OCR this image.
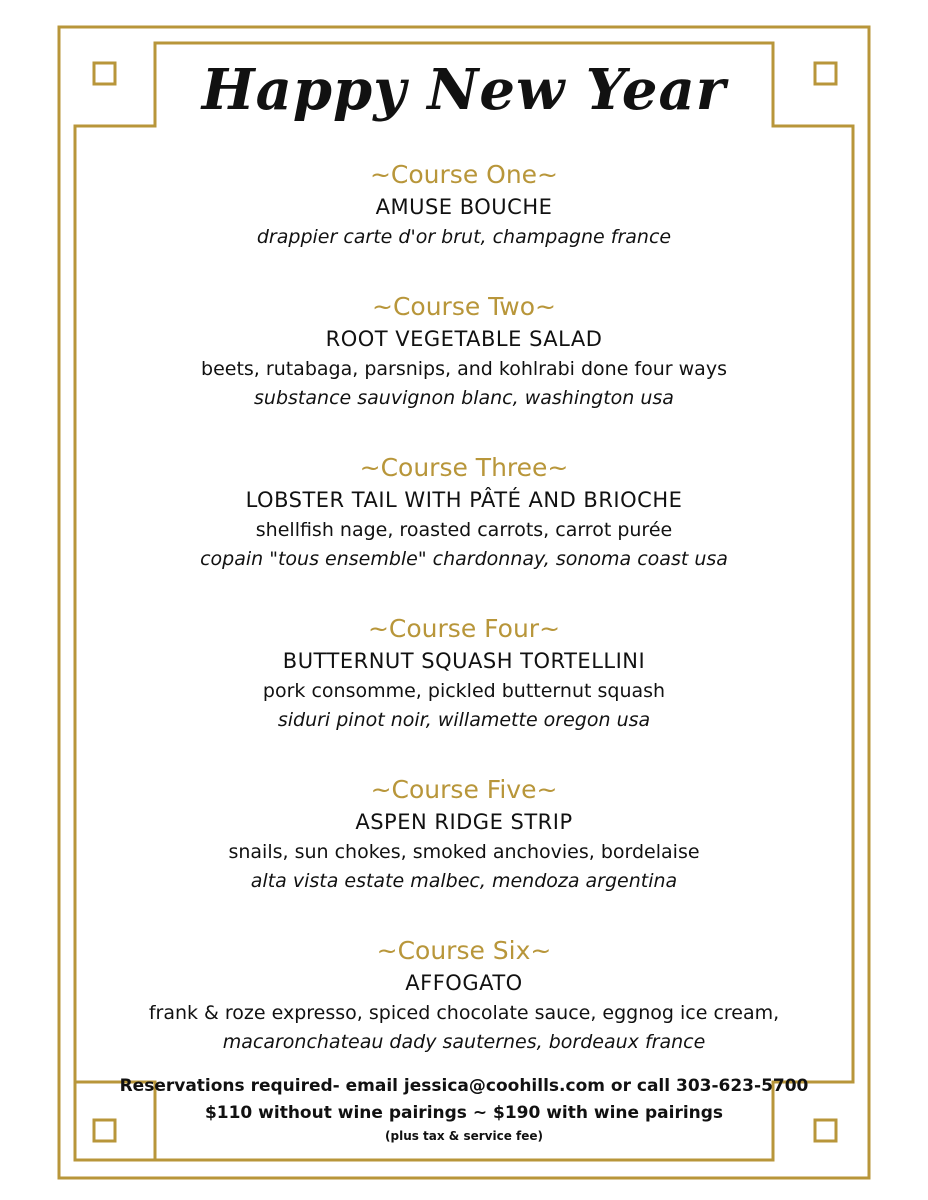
Happy New Year
~Course One~
AMUSE BOUCHE
drappier carte d'or brut, champagne france
~Course Two~
ROOT VEGETABLE SALAD
beets, rutabaga, parsnips, and kohlrabi done four ways
substance sauvignon blanc, washington usa
~Course Three~
LOBSTER TAIL WITH PÂTÉ AND BRIOCHE
shellfish nage, roasted carrots, carrot purée
copain "tous ensemble" chardonnay, sonoma coast usa
~Course Four~
BUTTERNUT SQUASH TORTELLINI
pork consomme, pickled butternut squash
siduri pinot noir, willamette oregon usa
~Course Five~
ASPEN RIDGE STRIP
snails, sun chokes, smoked anchovies, bordelaise
alta vista estate malbec, mendoza argentina
~Course Six~
AFFOGATO
frank & roze expresso, spiced chocolate sauce, eggnog ice cream,
macaronchateau dady sauternes, bordeaux france
Reservations required- email jessica@coohills.com or call 303-623-5700
$110 without wine pairings ~ $190 with wine pairings
(plus tax & service fee)
